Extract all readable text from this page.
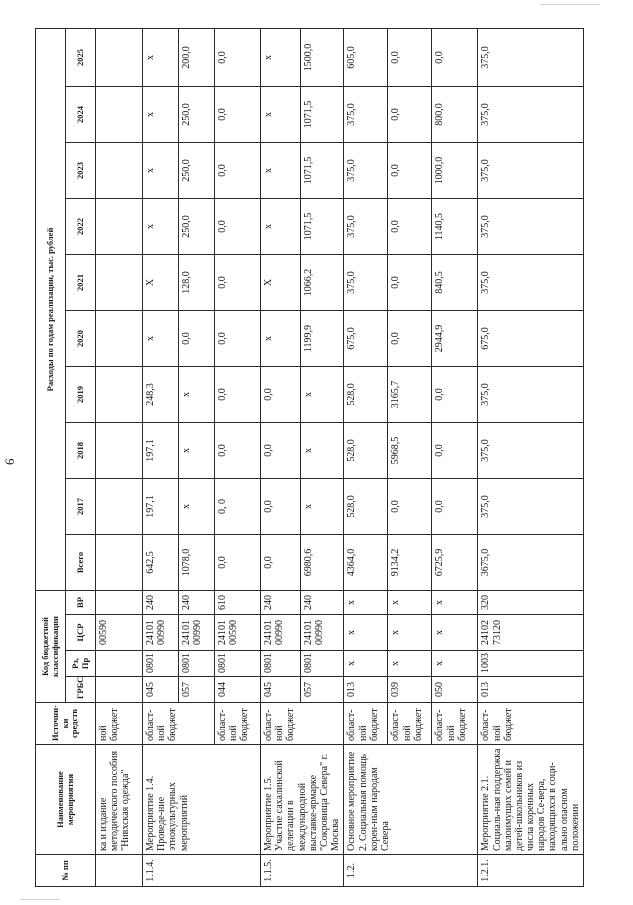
6
№ пп	Наименование мероприятия	Источни-ки средств	Код бюджетной классификации				Расходы по годам реализации, тыс. рублей									
			ГРБС	Рз, Пр	ЦСР	ВР	Всего	2017	2018	2019	2020	2021	2022	2023	2024	2025
	ка и издание методического пособия "Нивхская одежда"	ной бюджет			00590											
1.1.4.	Мероприятие 1.4. Проведе-ние этнокультурных мероприятий	област-ной бюджет	045	0801	24101 00990	240	642,5	197,1	197,1	248,3	х	Х	х	х	х	х
			057	0801	24101 00990	240	1078,0	х	х	х	0,0	128,0	250,0	250,0	250,0	200,0
		област-ной бюджет	044	0801	24101 00590	610	0,0	0, 0	0,0	0,0	0,0	0,0	0,0	0,0	0,0	0,0
1.1.5.	Мероприятие 1.5. Участие сахалинской делегации в международной выставке-ярмарке "Сокровища Севера" г. Москва	област-ной бюджет	045	0801	24101 00990	240	0,0	0,0	0,0	0,0	х	Х	х	х	х	х
			057	0801	24101 00990	240	6980,6	х	х	х	1199,9	1066,2	1071,5	1071,5	1071,5	1500,0
1.2.	Основное мероприятие 2. Социальная помощь корен-ным народам Севера	област-ной бюджет	013	х	х	х	4364,0	528,0	528,0	528,0	675,0	375,0	375,0	375,0	375,0	605,0
		област-ной бюджет	039	х	х	х	9134,2	0,0	5968,5	3165,7	0,0	0,0	0,0	0,0	0,0	0,0
		област-ной бюджет	050	х	х	х	6725,9	0,0	0,0	0,0	2944,9	840,5	1140,5	1000,0	800,0	0,0
1.2.1.	Мероприятие 2.1. Социаль-ная поддержка малоимущих семей и детей-школьников из числа коренных народов Се-вера, находящихся в соци-ально опасном положении	област-ной бюджет	013	1003	24102 73120	320	3675,0	375,0	375,0	375,0	675,0	375,0	375,0	375,0	375,0	375,0
